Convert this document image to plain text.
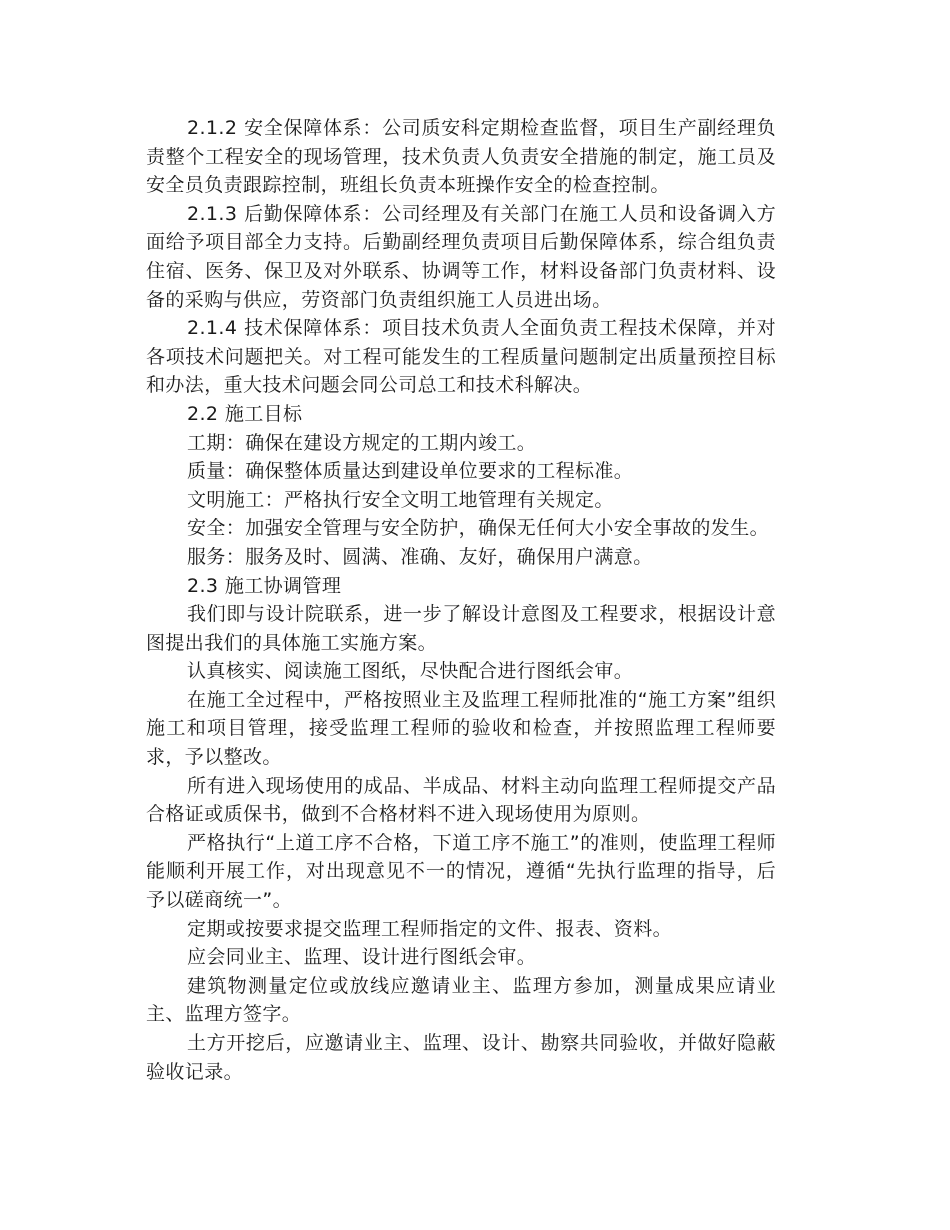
2.1.2 安全保障体系：公司质安科定期检查监督，项目生产副经理负责整个工程安全的现场管理，技术负责人负责安全措施的制定，施工员及安全员负责跟踪控制，班组长负责本班操作安全的检查控制。

2.1.3 后勤保障体系：公司经理及有关部门在施工人员和设备调入方面给予项目部全力支持。后勤副经理负责项目后勤保障体系，综合组负责住宿、医务、保卫及对外联系、协调等工作，材料设备部门负责材料、设备的采购与供应，劳资部门负责组织施工人员进出场。

2.1.4 技术保障体系：项目技术负责人全面负责工程技术保障，并对各项技术问题把关。对工程可能发生的工程质量问题制定出质量预控目标和办法，重大技术问题会同公司总工和技术科解决。

2.2 施工目标

工期：确保在建设方规定的工期内竣工。

质量：确保整体质量达到建设单位要求的工程标准。

文明施工：严格执行安全文明工地管理有关规定。

安全：加强安全管理与安全防护，确保无任何大小安全事故的发生。

服务：服务及时、圆满、准确、友好，确保用户满意。

2.3 施工协调管理

我们即与设计院联系，进一步了解设计意图及工程要求，根据设计意图提出我们的具体施工实施方案。

认真核实、阅读施工图纸，尽快配合进行图纸会审。

在施工全过程中，严格按照业主及监理工程师批准的“施工方案”组织施工和项目管理，接受监理工程师的验收和检查，并按照监理工程师要求，予以整改。

所有进入现场使用的成品、半成品、材料主动向监理工程师提交产品合格证或质保书，做到不合格材料不进入现场使用为原则。

严格执行“上道工序不合格，下道工序不施工”的准则，使监理工程师能顺利开展工作，对出现意见不一的情况，遵循“先执行监理的指导，后予以磋商统一”。

定期或按要求提交监理工程师指定的文件、报表、资料。

应会同业主、监理、设计进行图纸会审。

建筑物测量定位或放线应邀请业主、监理方参加，测量成果应请业主、监理方签字。

土方开挖后，应邀请业主、监理、设计、勘察共同验收，并做好隐蔽验收记录。
